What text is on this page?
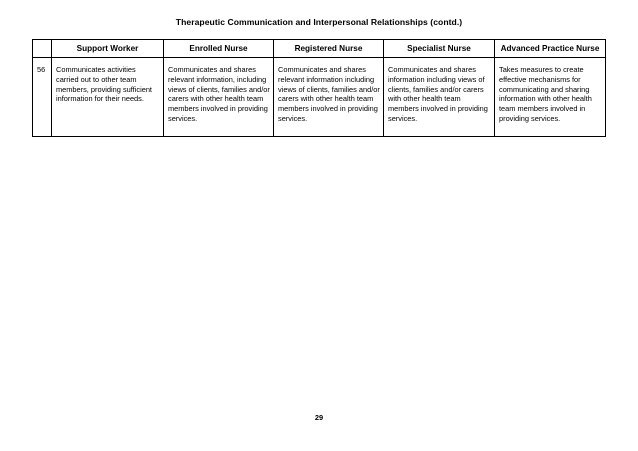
Therapeutic Communication and Interpersonal Relationships (contd.)
	Support Worker	Enrolled Nurse	Registered Nurse	Specialist Nurse	Advanced Practice Nurse
56	Communicates activities carried out to other team members, providing sufficient information for their needs.	Communicates and shares relevant information, including views of clients, families and/or carers with other health team members involved in providing services.	Communicates and shares relevant information including views of clients, families and/or carers with other health team members involved in providing services.	Communicates and shares information including views of clients, families and/or carers with other health team members involved in providing services.	Takes measures to create effective mechanisms for communicating and sharing information with other health team members involved in providing services.
29
